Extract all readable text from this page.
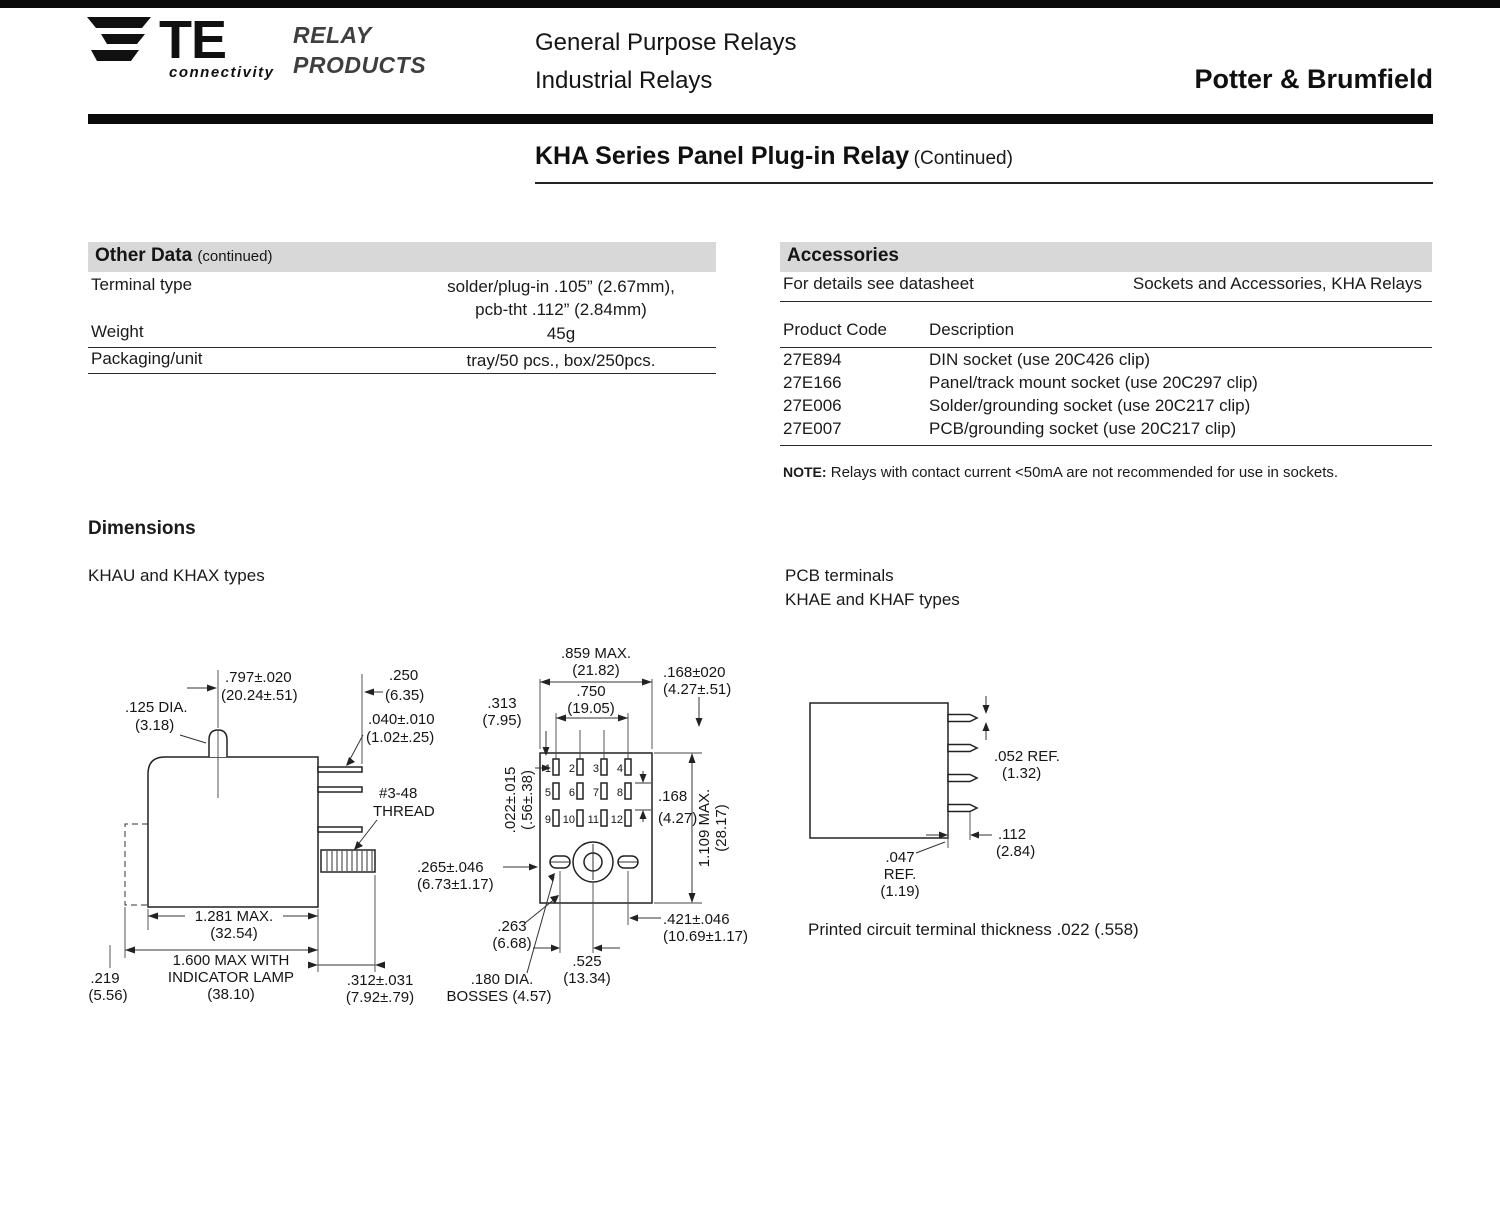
TE
connectivity
RELAY
PRODUCTS
General Purpose Relays
Industrial Relays	Potter & Brumfield
KHA Series Panel Plug-in Relay (Continued)
Other Data (continued)
Terminal type	solder/plug-in .105” (2.67mm),
pcb-tht .112” (2.84mm)
Weight	45g
Packaging/unit	tray/50 pcs., box/250pcs.
Accessories
For details see datasheet	Sockets and Accessories, KHA Relays
Product Code	Description
27E894	DIN socket (use 20C426 clip)
27E166	Panel/track mount socket (use 20C297 clip)
27E006	Solder/grounding socket (use 20C217 clip)
27E007	PCB/grounding socket (use 20C217 clip)
NOTE: Relays with contact current <50mA are not recommended for use in sockets.
Dimensions
KHAU and KHAX types	PCB terminals
KHAE and KHAF types
.797±.020
(20.24±.51)
.125 DIA.
(3.18)
.250
(6.35)
.040±.010
(1.02±.25)
#3-48
THREAD
1.281 MAX.
(32.54)
1.600 MAX WITH
INDICATOR LAMP
(38.10)
.219
(5.56)
.312±.031
(7.92±.79)
1 2 3 4
5 6 7 8
9 10 11 12
.859 MAX.
(21.82)
.750
(19.05)
.168±020
(4.27±.51)
.313
(7.95)
.022±.015 (.56±.38)	.168
(4.27)
1.109 MAX. (28.17)
.265±.046
(6.73±1.17)
.263
(6.68)
.421±.046
(10.69±1.17)
.525
(13.34)
.180 DIA.
BOSSES (4.57)
.052 REF.
(1.32)
.112
(2.84)
.047
REF.
(1.19)
Printed circuit terminal thickness .022 (.558)
